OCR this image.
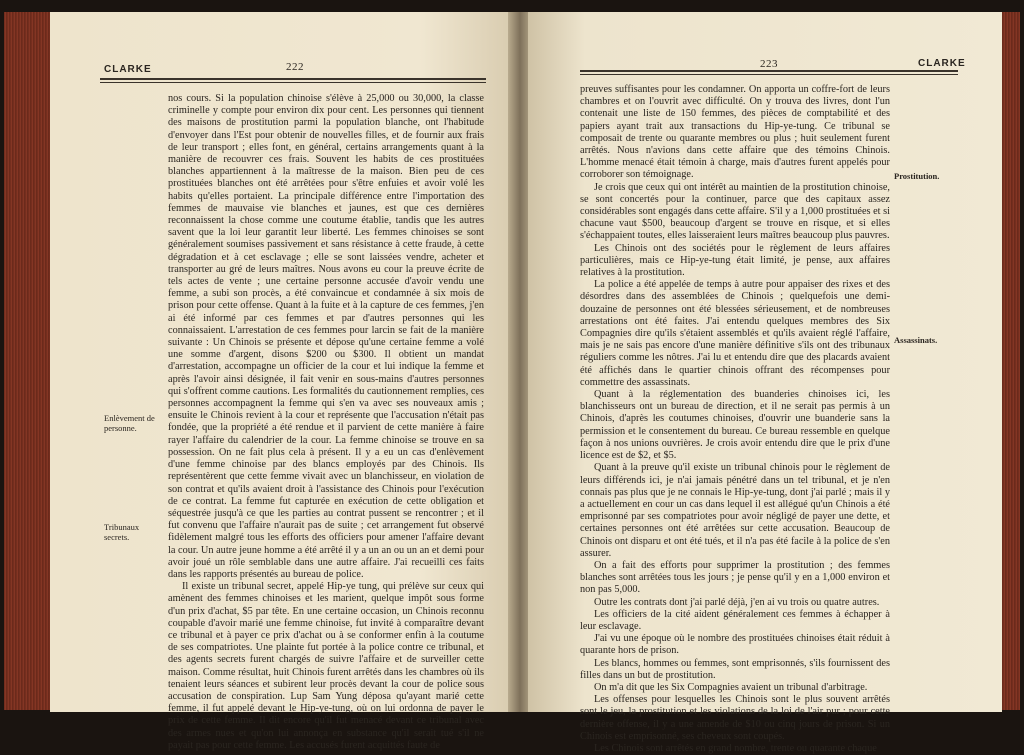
CLARKE	222

nos cours. Si la population chinoise s'élève à 25,000 ou 30,000, la classe criminelle y compte pour environ dix pour cent. Les personnes qui tiennent des maisons de prostitution parmi la population blanche, ont l'habitude d'envoyer dans l'Est pour obtenir de nouvelles filles, et de fournir aux frais de leur transport ; elles font, en général, certains arrangements quant à la manière de recouvrer ces frais. Souvent les habits de ces prostituées blanches appartiennent à la maîtresse de la maison. Bien peu de ces prostituées blanches ont été arrêtées pour s'être enfuies et avoir volé les habits qu'elles portaient. La principale différence entre l'importation des femmes de mauvaise vie blanches et jaunes, est que ces dernières reconnaissent la chose comme une coutume établie, tandis que les autres savent que la loi leur garantit leur liberté. Les femmes chinoises se sont généralement soumises passivement et sans résistance à cette fraude, à cette dégradation et à cet esclavage ; elle se sont laissées vendre, acheter et transporter au gré de leurs maîtres. Nous avons eu cour la preuve écrite de tels actes de vente ; une certaine personne accusée d'avoir vendu une femme, a subi son procès, a été convaincue et condamnée à six mois de prison pour cette offense. Quant à la fuite et à la capture de ces femmes, j'en ai été informé par ces femmes et par d'autres personnes qui les connaissaient. L'arrestation de ces femmes pour larcin se fait de la manière suivante : Un Chinois se présente et dépose qu'une certaine femme a volé une somme d'argent, disons $200 ou $300. Il obtient un mandat d'arrestation, accompagne un officier de la cour et lui indique la femme et après l'avoir ainsi désignée, il fait venir en sous-mains d'autres personnes qui s'offrent comme cautions. Les formalités du cautionnement remplies, ces personnes accompagnent la femme qui s'en va avec ses nouveaux amis ; ensuite le Chinois revient à la cour et représente que l'accusation n'était pas fondée, que la propriété a été rendue et il parvient de cette manière à faire rayer l'affaire du calendrier de la cour. La femme chinoise se trouve en sa possession. On ne fait plus cela à présent. Il y a eu un cas d'enlèvement d'une femme chinoise par des blancs employés par des Chinois. Ils représentèrent que cette femme vivait avec un blanchisseur, en violation de son contrat et qu'ils avaient droit à l'assistance des Chinois pour l'exécution de ce contrat. La femme fut capturée en exécution de cette obligation et séquestrée jusqu'à ce que les parties au contrat pussent se rencontrer ; et il fut convenu que l'affaire n'aurait pas de suite ; cet arrangement fut observé fidèlement malgré tous les efforts des officiers pour amener l'affaire devant la cour. Un autre jeune homme a été arrêté il y a un an ou un an et demi pour avoir joué un rôle semblable dans une autre affaire. J'ai recueilli ces faits dans les rapports présentés au bureau de police.

Il existe un tribunal secret, appelé Hip-ye tung, qui prélève sur ceux qui amènent des femmes chinoises et les marient, quelque impôt sous forme d'un prix d'achat, $5 par tête. En une certaine occasion, un Chinois reconnu coupable d'avoir marié une femme chinoise, fut invité à comparaître devant ce tribunal et à payer ce prix d'achat ou à se conformer enfin à la coutume de ses compatriotes. Une plainte fut portée à la police contre ce tribunal, et des agents secrets furent chargés de suivre l'affaire et de surveiller cette maison. Comme résultat, huit Chinois furent arrêtés dans les chambres où ils tenaient leurs séances et subirent leur procès devant la cour de police sous accusation de conspiration. Lup Sam Yung déposa qu'ayant marié cette femme, il fut appelé devant le Hip-ye-tung, où on lui ordonna de payer le prix de cette femme. Il dit encore qu'il fut menacé devant ce tribunal avec des armes nues et qu'on lui annonça en substance qu'il serait tué s'il ne payait pas pour cette femme. Les accusés furent acquittés faute de

Enlèvement de personne.
Tribunaux secrets.
223	CLARKE

preuves suffisantes pour les condamner. On apporta un coffre-fort de leurs chambres et on l'ouvrit avec difficulté. On y trouva des livres, dont l'un contenait une liste de 150 femmes, des pièces de comptabilité et des papiers ayant trait aux transactions du Hip-ye-tung. Ce tribunal se composait de trente ou quarante membres ou plus ; huit seulement furent arrêtés. Nous n'avions dans cette affaire que des témoins Chinois. L'homme menacé était témoin à charge, mais d'autres furent appelés pour corroborer son témoignage.

Je crois que ceux qui ont intérêt au maintien de la prostitution chinoise, se sont concertés pour la continuer, parce que des capitaux assez considérables sont engagés dans cette affaire. S'il y a 1,000 prostituées et si chacune vaut $500, beaucoup d'argent se trouve en risque, et si elles s'échappaient toutes, elles laisseraient leurs maîtres beaucoup plus pauvres.

Les Chinois ont des sociétés pour le règlement de leurs affaires particulières, mais ce Hip-ye-tung était limité, je pense, aux affaires relatives à la prostitution.

La police a été appelée de temps à autre pour appaiser des rixes et des désordres dans des assemblées de Chinois ; quelquefois une demi-douzaine de personnes ont été blessées sérieusement, et de nombreuses arrestations ont été faites. J'ai entendu quelques membres des Six Compagnies dire qu'ils s'étaient assemblés et qu'ils avaient réglé l'affaire, mais je ne sais pas encore d'une manière définitive s'ils ont des tribunaux réguliers comme les nôtres. J'ai lu et entendu dire que des placards avaient été affichés dans le quartier chinois offrant des récompenses pour commettre des assassinats.

Quant à la réglementation des buanderies chinoises ici, les blanchisseurs ont un bureau de direction, et il ne serait pas permis à un Chinois, d'après les coutumes chinoises, d'ouvrir une buanderie sans la permission et le consentement du bureau. Ce bureau ressemble en quelque façon à nos unions ouvrières. Je crois avoir entendu dire que le prix d'une licence est de $2, et $5.

Quant à la preuve qu'il existe un tribunal chinois pour le règlement de leurs différends ici, je n'ai jamais pénétré dans un tel tribunal, et je n'en connais pas plus que je ne connais le Hip-ye-tung, dont j'ai parlé ; mais il y a actuellement en cour un cas dans lequel il est allégué qu'un Chinois a été emprisonné par ses compatriotes pour avoir négligé de payer une dette, et certaines personnes ont été arrêtées sur cette accusation. Beaucoup de Chinois ont disparu et ont été tués, et il n'a pas été facile à la police de s'en assurer.

On a fait des efforts pour supprimer la prostitution ; des femmes blanches sont arrêtées tous les jours ; je pense qu'il y en a 1,000 environ et non pas 5,000.

Outre les contrats dont j'ai parlé déjà, j'en ai vu trois ou quatre autres.

Les officiers de la cité aident généralement ces femmes à échapper à leur esclavage.

J'ai vu une époque où le nombre des prostituées chinoises était réduit à quarante hors de prison.

Les blancs, hommes ou femmes, sont emprisonnés, s'ils fournissent des filles dans un but de prostitution.

On m'a dit que les Six Compagnies avaient un tribunal d'arbitrage.

Les offenses pour lesquelles les Chinois sont le plus souvent arrêtés sont le jeu, la prostitution et les violations de la loi de l'air pur ; pour cette dernière offense, il y a une amende de $10 ou cinq jours de prison. Si un Chinois est emprisonné, ses cheveux sont coupés.

Les Chinois sont arrêtés en grand nombre, trente ou quarante chaque

Prostitution.
Assassinats.
